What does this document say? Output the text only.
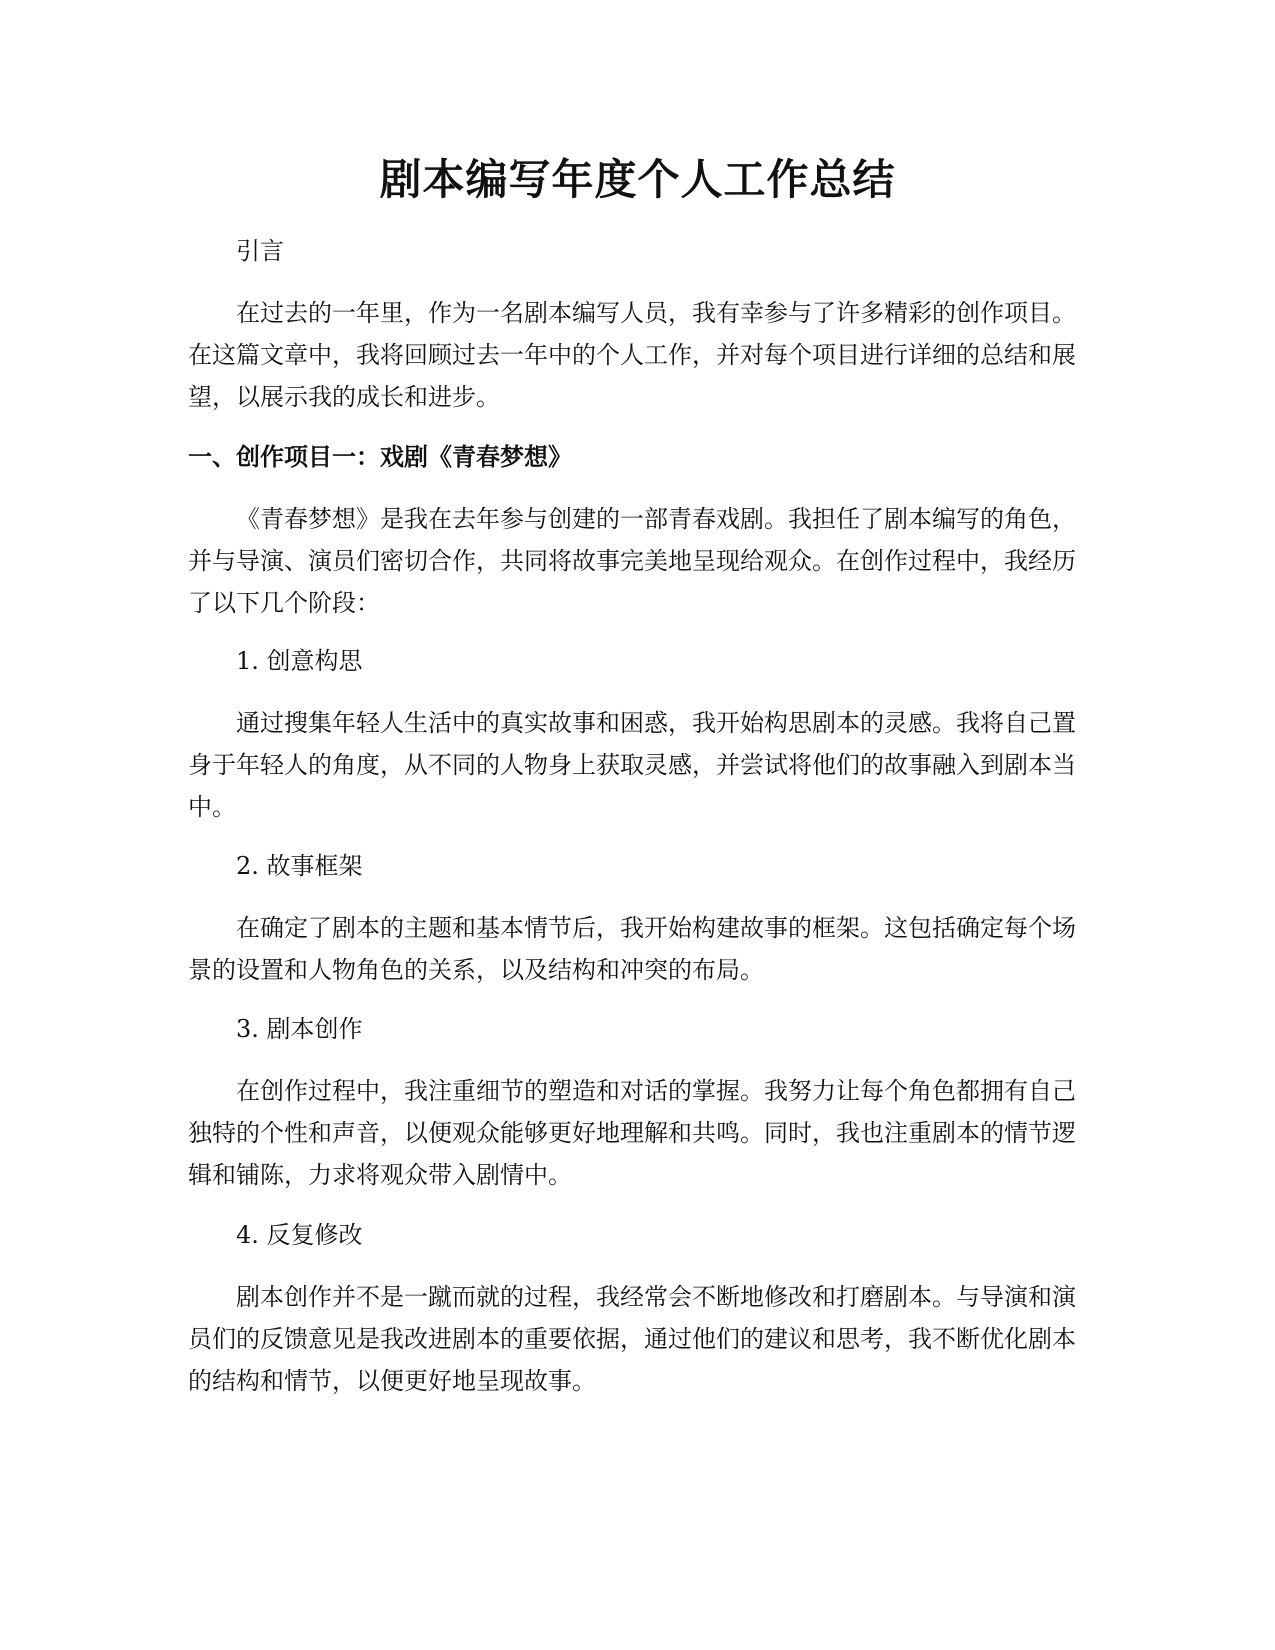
剧本编写年度个人工作总结

引言

在过去的一年里，作为一名剧本编写人员，我有幸参与了许多精彩的创作项目。在这篇文章中，我将回顾过去一年中的个人工作，并对每个项目进行详细的总结和展望，以展示我的成长和进步。

一、创作项目一：戏剧《青春梦想》

《青春梦想》是我在去年参与创建的一部青春戏剧。我担任了剧本编写的角色，并与导演、演员们密切合作，共同将故事完美地呈现给观众。在创作过程中，我经历了以下几个阶段：

1. 创意构思

通过搜集年轻人生活中的真实故事和困惑，我开始构思剧本的灵感。我将自己置身于年轻人的角度，从不同的人物身上获取灵感，并尝试将他们的故事融入到剧本当中。

2. 故事框架

在确定了剧本的主题和基本情节后，我开始构建故事的框架。这包括确定每个场景的设置和人物角色的关系，以及结构和冲突的布局。

3. 剧本创作

在创作过程中，我注重细节的塑造和对话的掌握。我努力让每个角色都拥有自己独特的个性和声音，以便观众能够更好地理解和共鸣。同时，我也注重剧本的情节逻辑和铺陈，力求将观众带入剧情中。

4. 反复修改

剧本创作并不是一蹴而就的过程，我经常会不断地修改和打磨剧本。与导演和演员们的反馈意见是我改进剧本的重要依据，通过他们的建议和思考，我不断优化剧本的结构和情节，以便更好地呈现故事。
